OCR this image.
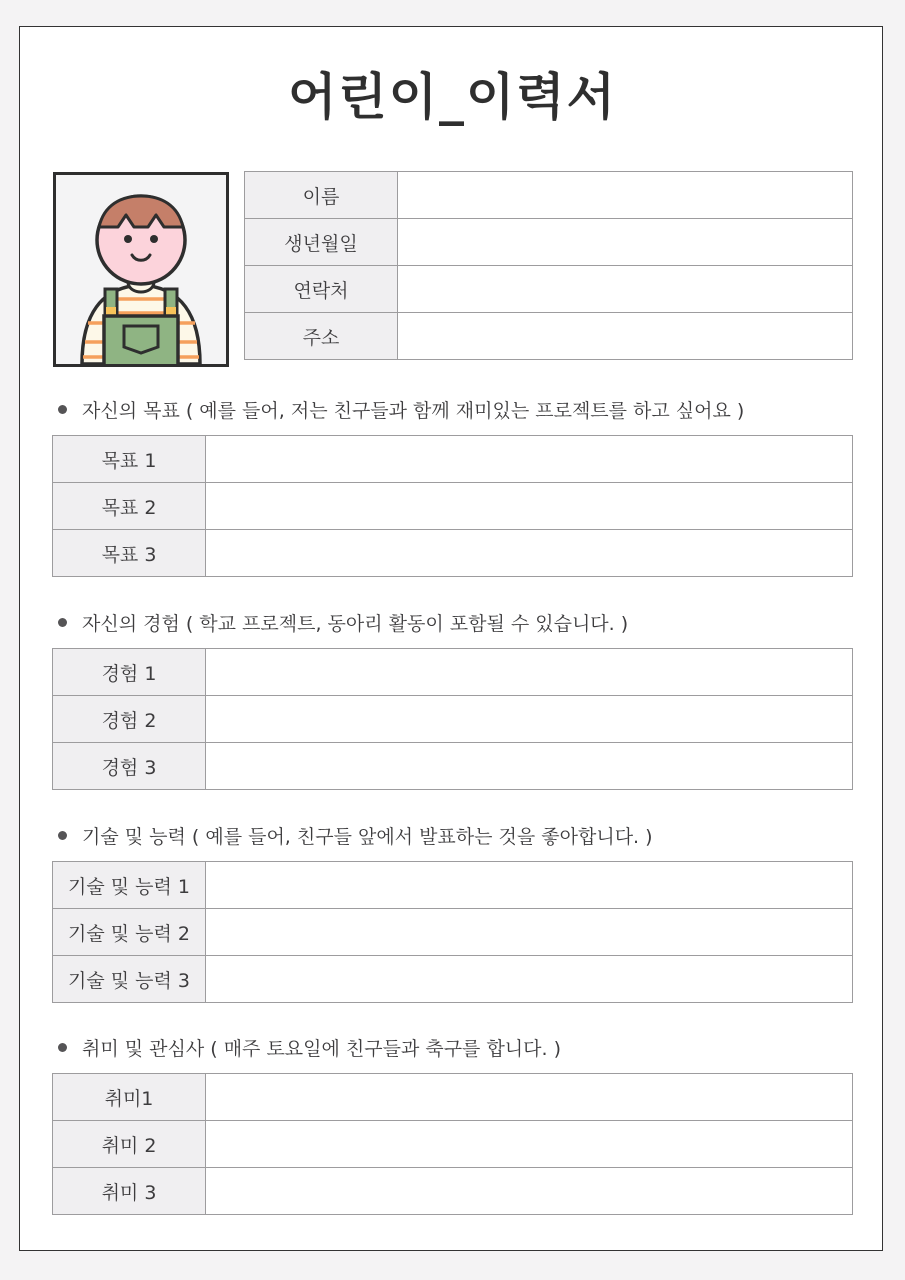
어린이_이력서
이름	
생년월일	
연락처	
주소	
자신의 목표 ( 예를 들어, 저는 친구들과 함께 재미있는 프로젝트를 하고 싶어요 )
목표 1	
목표 2	
목표 3	
자신의 경험 ( 학교 프로젝트, 동아리 활동이 포함될 수 있습니다. )
경험 1	
경험 2	
경험 3	
기술 및 능력 ( 예를 들어, 친구들 앞에서 발표하는 것을 좋아합니다. )
기술 및 능력 1	
기술 및 능력 2	
기술 및 능력 3	
취미 및 관심사 ( 매주 토요일에 친구들과 축구를 합니다. )
취미1	
취미 2	
취미 3	
